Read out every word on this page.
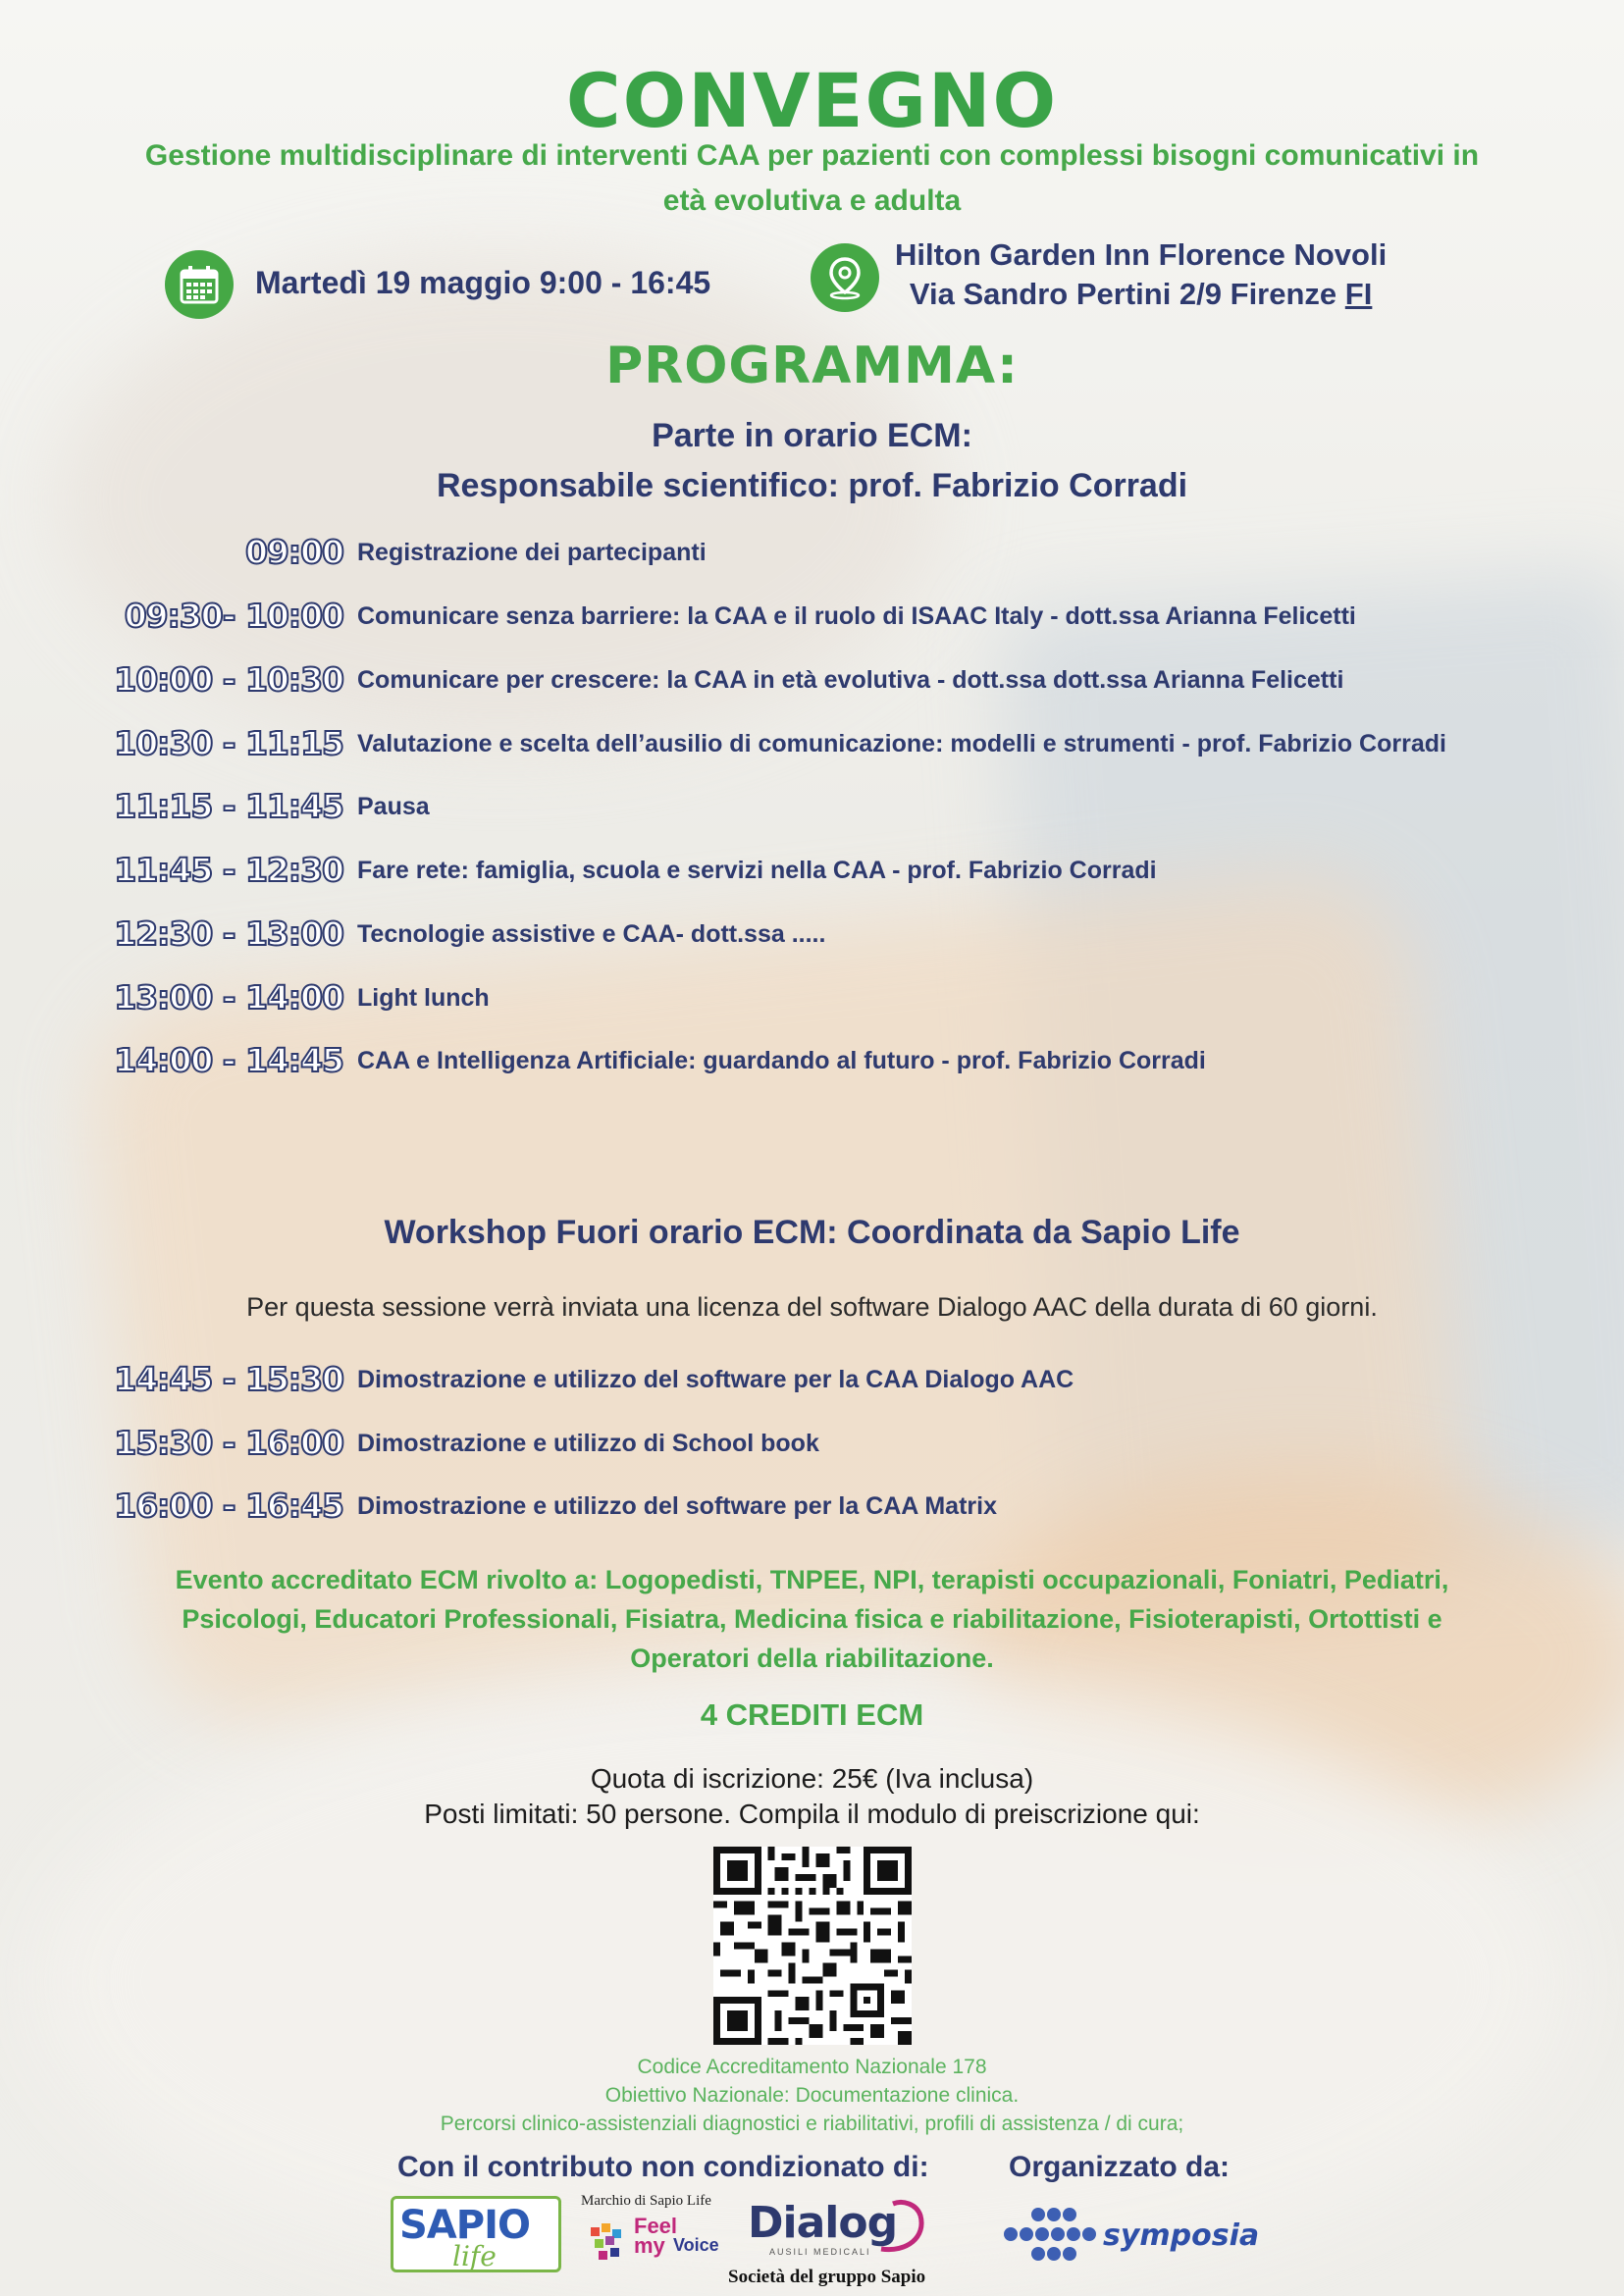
CONVEGNO
Gestione multidisciplinare di interventi CAA per pazienti con complessi bisogni comunicativi in
età evolutiva e adulta
Martedì 19 maggio 9:00 - 16:45
Hilton Garden Inn Florence Novoli
Via Sandro Pertini 2/9 Firenze FI
PROGRAMMA:
Parte in orario ECM:
Responsabile scientifico: prof. Fabrizio Corradi
09:00 Registrazione dei partecipanti
09:30- 10:00 Comunicare senza barriere: la CAA e il ruolo di ISAAC Italy - dott.ssa Arianna Felicetti
10:00 - 10:30 Comunicare per crescere: la CAA in età evolutiva - dott.ssa dott.ssa Arianna Felicetti
10:30 - 11:15 Valutazione e scelta dell’ausilio di comunicazione: modelli e strumenti - prof. Fabrizio Corradi
11:15 - 11:45 Pausa
11:45 - 12:30 Fare rete: famiglia, scuola e servizi nella CAA - prof. Fabrizio Corradi
12:30 - 13:00 Tecnologie assistive e CAA- dott.ssa .....
13:00 - 14:00 Light lunch
14:00 - 14:45 CAA e Intelligenza Artificiale: guardando al futuro - prof. Fabrizio Corradi
Workshop Fuori orario ECM: Coordinata da Sapio Life
Per questa sessione verrà inviata una licenza del software Dialogo AAC della durata di 60 giorni.
14:45 - 15:30 Dimostrazione e utilizzo del software per la CAA Dialogo AAC
15:30 - 16:00 Dimostrazione e utilizzo di School book
16:00 - 16:45 Dimostrazione e utilizzo del software per la CAA Matrix
Evento accreditato ECM rivolto a: Logopedisti, TNPEE, NPI, terapisti occupazionali, Foniatri, Pediatri,
Psicologi, Educatori Professionali, Fisiatra, Medicina fisica e riabilitazione, Fisioterapisti, Ortottisti e
Operatori della riabilitazione.
4 CREDITI ECM
Quota di iscrizione: 25€ (Iva inclusa)
Posti limitati: 50 persone. Compila il modulo di preiscrizione qui:
Codice Accreditamento Nazionale 178
Obiettivo Nazionale: Documentazione clinica.
Percorsi clinico-assistenziali diagnostici e riabilitativi, profili di assistenza / di cura;
Con il contributo non condizionato di:	Organizzato da:
SAPIO
life
Marchio di Sapio Life
Feel
my Voice Dialog
AUSILI MEDICALI
Società del gruppo Sapio
symposia
